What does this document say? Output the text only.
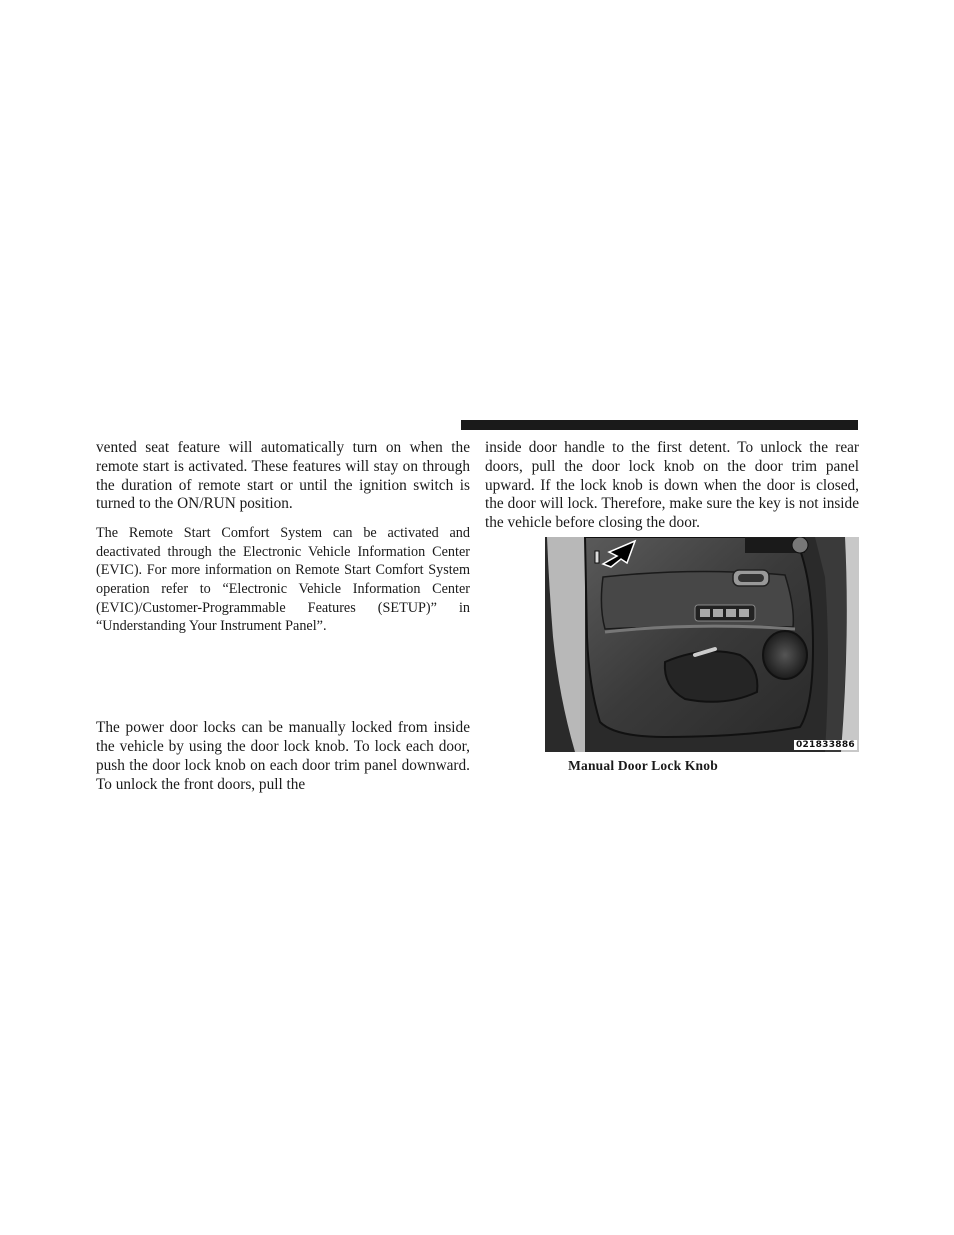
vented seat feature will automatically turn on when the remote start is activated. These features will stay on through the duration of remote start or until the ignition switch is turned to the ON/RUN position.

The Remote Start Comfort System can be activated and deactivated through the Electronic Vehicle Information Center (EVIC). For more information on Remote Start Comfort System operation refer to “Electronic Vehicle Information Center (EVIC)/Customer-Programmable Features (SETUP)” in “Understanding Your Instrument Panel”.

The power door locks can be manually locked from inside the vehicle by using the door lock knob. To lock each door, push the door lock knob on each door trim panel downward. To unlock the front doors, pull the

inside door handle to the first detent. To unlock the rear doors, pull the door lock knob on the door trim panel upward. If the lock knob is down when the door is closed, the door will lock. Therefore, make sure the key is not inside the vehicle before closing the door.

021833886
Manual Door Lock Knob
